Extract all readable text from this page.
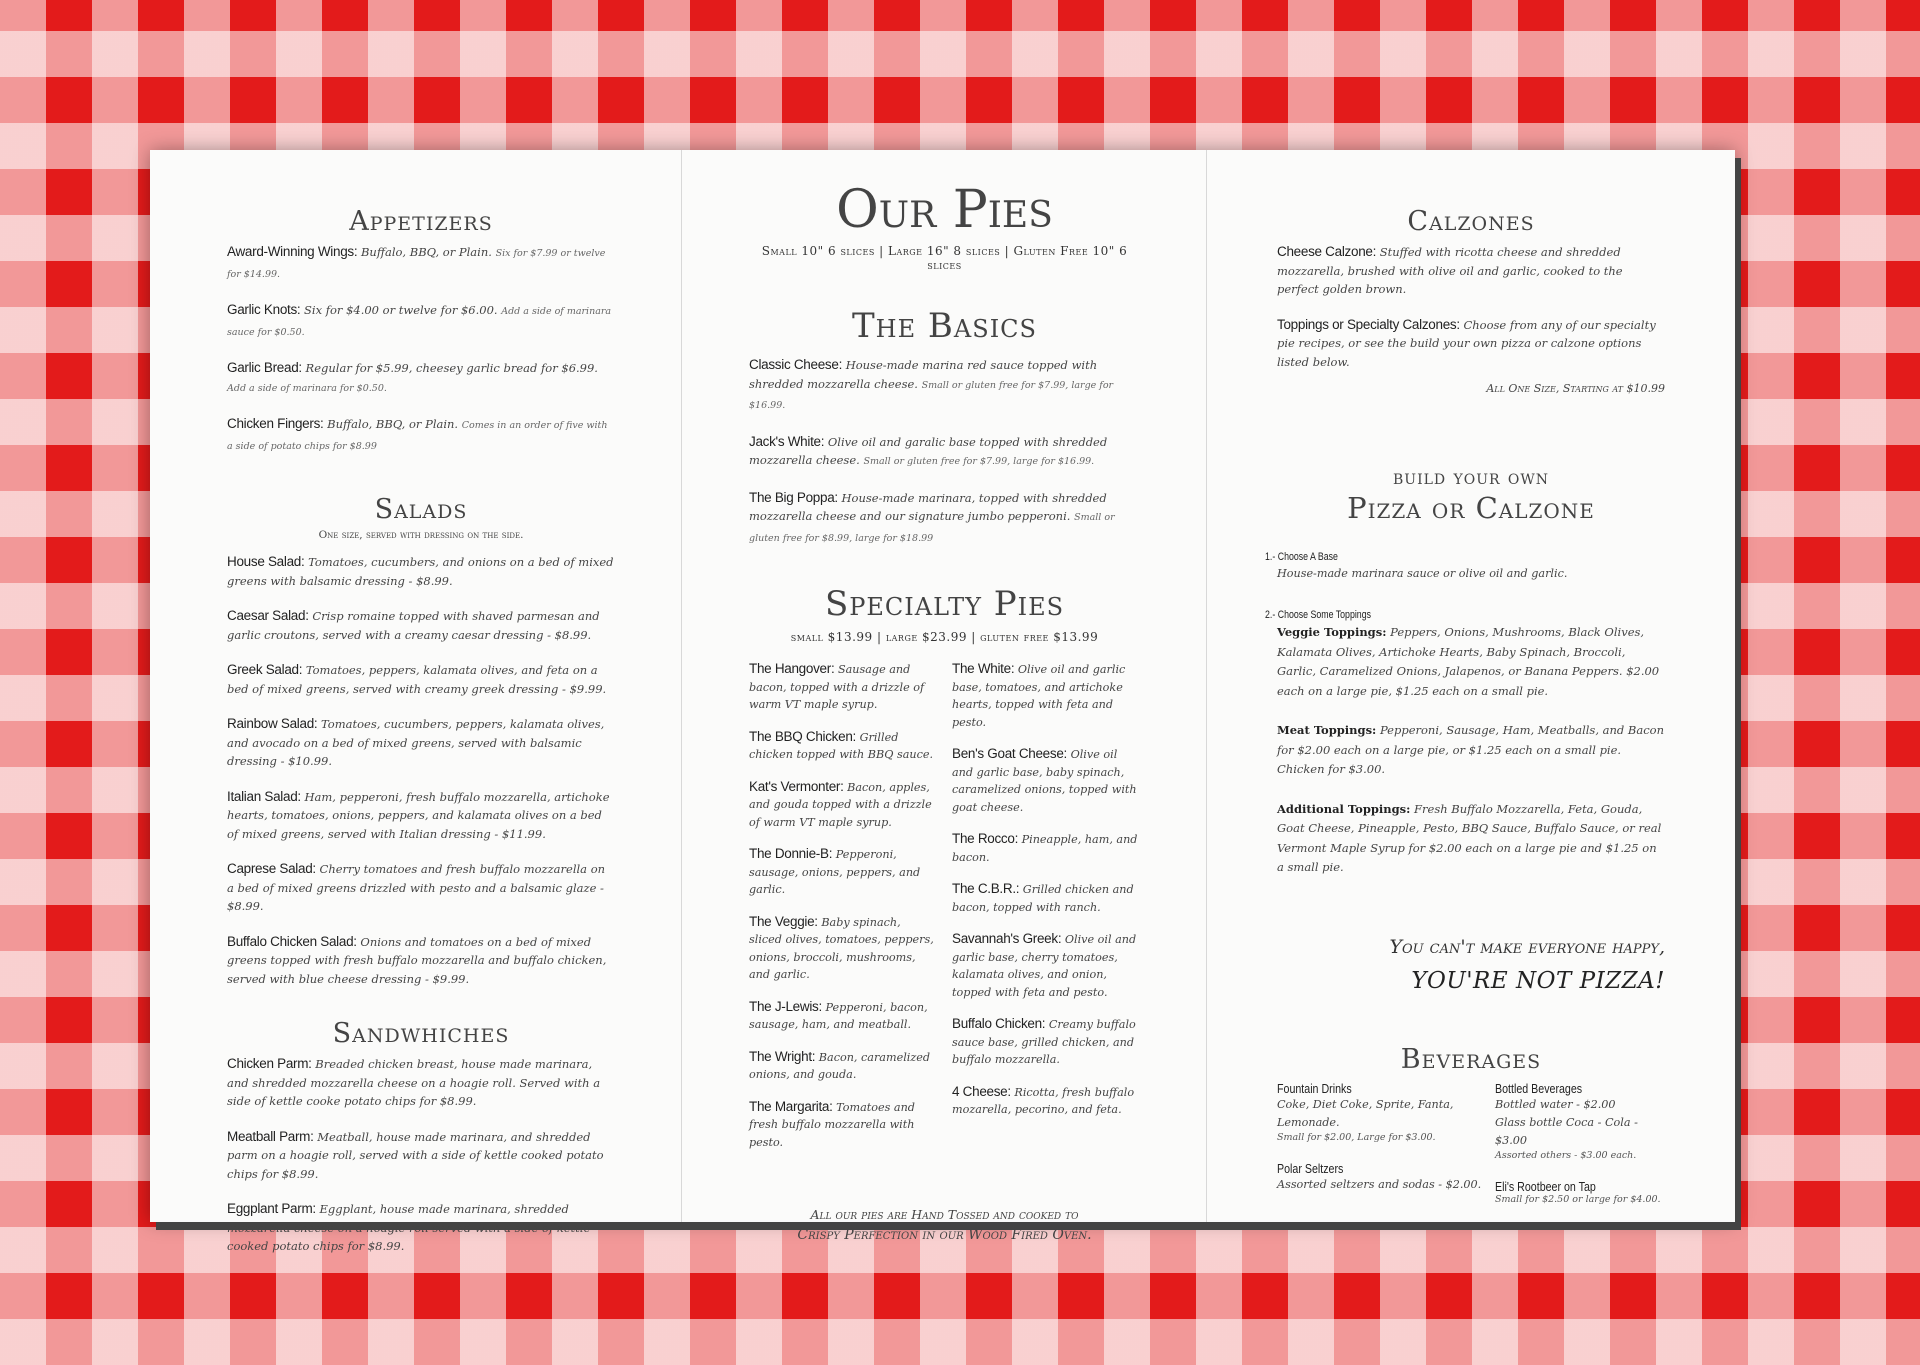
Appetizers
Award-Winning Wings: Buffalo, BBQ, or Plain. Six for $7.99 or twelve for $14.99.
Garlic Knots: Six for $4.00 or twelve for $6.00. Add a side of marinara sauce for $0.50.
Garlic Bread: Regular for $5.99, cheesey garlic bread for $6.99. Add a side of marinara for $0.50.
Chicken Fingers: Buffalo, BBQ, or Plain. Comes in an order of five with a side of potato chips for $8.99
Salads
One size, served with dressing on the side.
House Salad: Tomatoes, cucumbers, and onions on a bed of mixed greens with balsamic dressing - $8.99.
Caesar Salad: Crisp romaine topped with shaved parmesan and garlic croutons, served with a creamy caesar dressing - $8.99.
Greek Salad: Tomatoes, peppers, kalamata olives, and feta on a bed of mixed greens, served with creamy greek dressing - $9.99.
Rainbow Salad: Tomatoes, cucumbers, peppers, kalamata olives, and avocado on a bed of mixed greens, served with balsamic dressing - $10.99.
Italian Salad: Ham, pepperoni, fresh buffalo mozzarella, artichoke hearts, tomatoes, onions, peppers, and kalamata olives on a bed of mixed greens, served with Italian dressing - $11.99.
Caprese Salad: Cherry tomatoes and fresh buffalo mozzarella on a bed of mixed greens drizzled with pesto and a balsamic glaze - $8.99.
Buffalo Chicken Salad: Onions and tomatoes on a bed of mixed greens topped with fresh buffalo mozzarella and buffalo chicken, served with blue cheese dressing - $9.99.
Sandwhiches
Chicken Parm: Breaded chicken breast, house made marinara, and shredded mozzarella cheese on a hoagie roll. Served with a side of kettle cooke potato chips for $8.99.
Meatball Parm: Meatball, house made marinara, and shredded parm on a hoagie roll, served with a side of kettle cooked potato chips for $8.99.
Eggplant Parm: Eggplant, house made marinara, shredded mozzarella cheese on a hoagie roll served with a side of kettle cooked potato chips for $8.99.
Our Pies
Small 10" 6 slices | Large 16" 8 slices | Gluten Free 10" 6 slices
The Basics
Classic Cheese: House-made marina red sauce topped with shredded mozzarella cheese. Small or gluten free for $7.99, large for $16.99.
Jack's White: Olive oil and garalic base topped with shredded mozzarella cheese. Small or gluten free for $7.99, large for $16.99.
The Big Poppa: House-made marinara, topped with shredded mozzarella cheese and our signature jumbo pepperoni. Small or gluten free for $8.99, large for $18.99
Specialty Pies
small $13.99 | large $23.99 | gluten free $13.99
The Hangover: Sausage and bacon, topped with a drizzle of warm VT maple syrup.
The BBQ Chicken: Grilled chicken topped with BBQ sauce.
Kat's Vermonter: Bacon, apples, and gouda topped with a drizzle of warm VT maple syrup.
The Donnie-B: Pepperoni, sausage, onions, peppers, and garlic.
The Veggie: Baby spinach, sliced olives, tomatoes, peppers, onions, broccoli, mushrooms, and garlic.
The J-Lewis: Pepperoni, bacon, sausage, ham, and meatball.
The Wright: Bacon, caramelized onions, and gouda.
The Margarita: Tomatoes and fresh buffalo mozzarella with pesto.
The White: Olive oil and garlic base, tomatoes, and artichoke hearts, topped with feta and pesto.
Ben's Goat Cheese: Olive oil and garlic base, baby spinach, caramelized onions, topped with goat cheese.
The Rocco: Pineapple, ham, and bacon.
The C.B.R.: Grilled chicken and bacon, topped with ranch.
Savannah's Greek: Olive oil and garlic base, cherry tomatoes, kalamata olives, and onion, topped with feta and pesto.
Buffalo Chicken: Creamy buffalo sauce base, grilled chicken, and buffalo mozzarella.
4 Cheese: Ricotta, fresh buffalo mozarella, pecorino, and feta.
All our pies are Hand Tossed and cooked to
Crispy Perfection in our Wood Fired Oven.
Calzones
Cheese Calzone: Stuffed with ricotta cheese and shredded mozzarella, brushed with olive oil and garlic, cooked to the perfect golden brown.
Toppings or Specialty Calzones: Choose from any of our specialty pie recipes, or see the build your own pizza or calzone options listed below.
All One Size, Starting at $10.99
build your own
Pizza or Calzone
1.- Choose A Base
House-made marinara sauce or olive oil and garlic.
2.- Choose Some Toppings
Veggie Toppings: Peppers, Onions, Mushrooms, Black Olives, Kalamata Olives, Artichoke Hearts, Baby Spinach, Broccoli, Garlic, Caramelized Onions, Jalapenos, or Banana Peppers. $2.00 each on a large pie, $1.25 each on a small pie.
Meat Toppings: Pepperoni, Sausage, Ham, Meatballs, and Bacon for $2.00 each on a large pie, or $1.25 each on a small pie. Chicken for $3.00.
Additional Toppings: Fresh Buffalo Mozzarella, Feta, Gouda, Goat Cheese, Pineapple, Pesto, BBQ Sauce, Buffalo Sauce, or real Vermont Maple Syrup for $2.00 each on a large pie and $1.25 on a small pie.
You can't make everyone happy,
YOU'RE NOT PIZZA!
Beverages
Fountain Drinks
Coke, Diet Coke, Sprite, Fanta, Lemonade.
Small for $2.00, Large for $3.00.
Polar Seltzers
Assorted seltzers and sodas - $2.00.
Bottled Beverages
Bottled water - $2.00
Glass bottle Coca - Cola - $3.00
Assorted others - $3.00 each.
Eli's Rootbeer on Tap
Small for $2.50 or large for $4.00.
